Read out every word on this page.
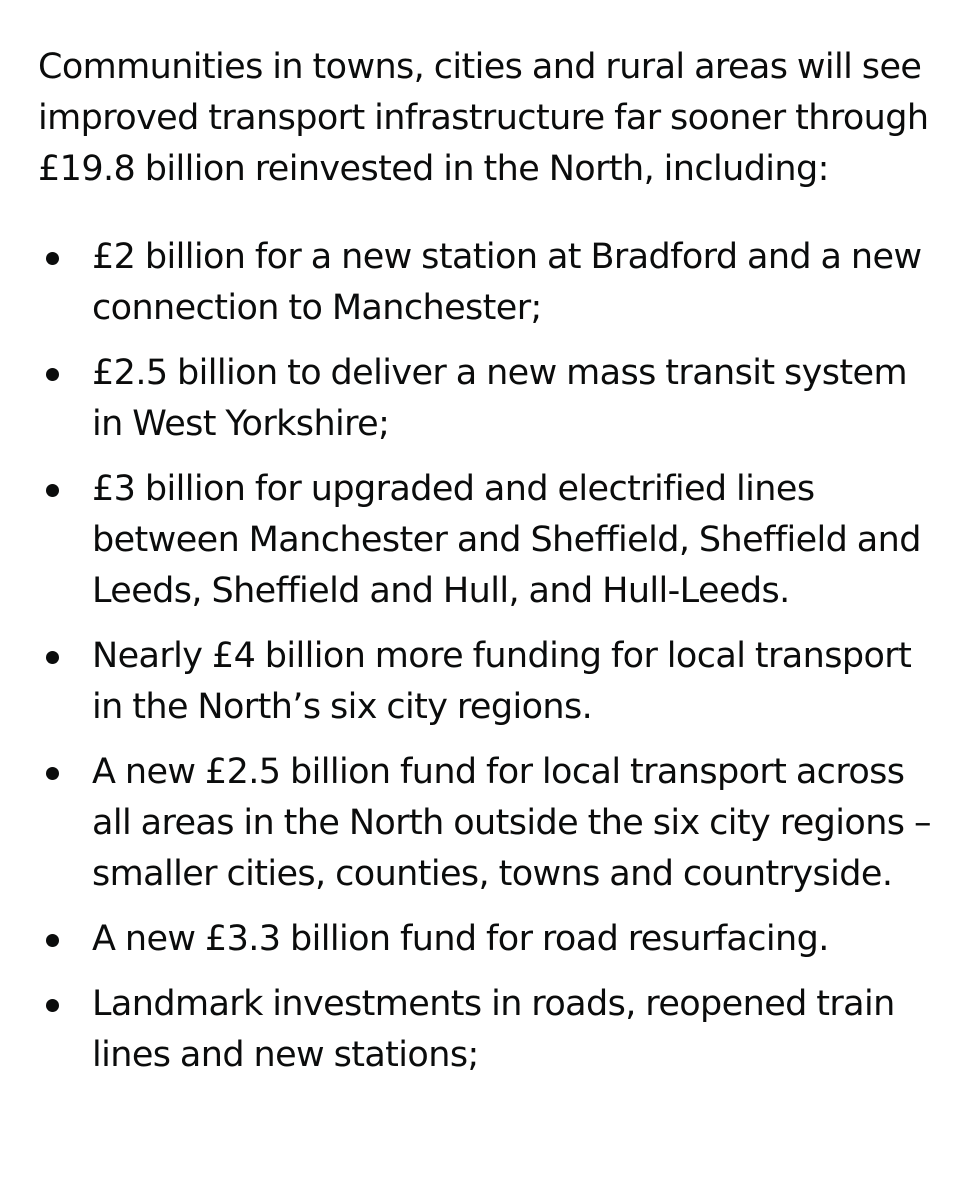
Communities in towns, cities and rural areas will see improved transport infrastructure far sooner through £19.8 billion reinvested in the North, including:

£2 billion for a new station at Bradford and a new connection to Manchester;
£2.5 billion to deliver a new mass transit system in West Yorkshire;
£3 billion for upgraded and electrified lines between Manchester and Sheffield, Sheffield and Leeds, Sheffield and Hull, and Hull-Leeds.
Nearly £4 billion more funding for local transport in the North’s six city regions.
A new £2.5 billion fund for local transport across all areas in the North outside the six city regions – smaller cities, counties, towns and countryside.
A new £3.3 billion fund for road resurfacing.
Landmark investments in roads, reopened train lines and new stations;
